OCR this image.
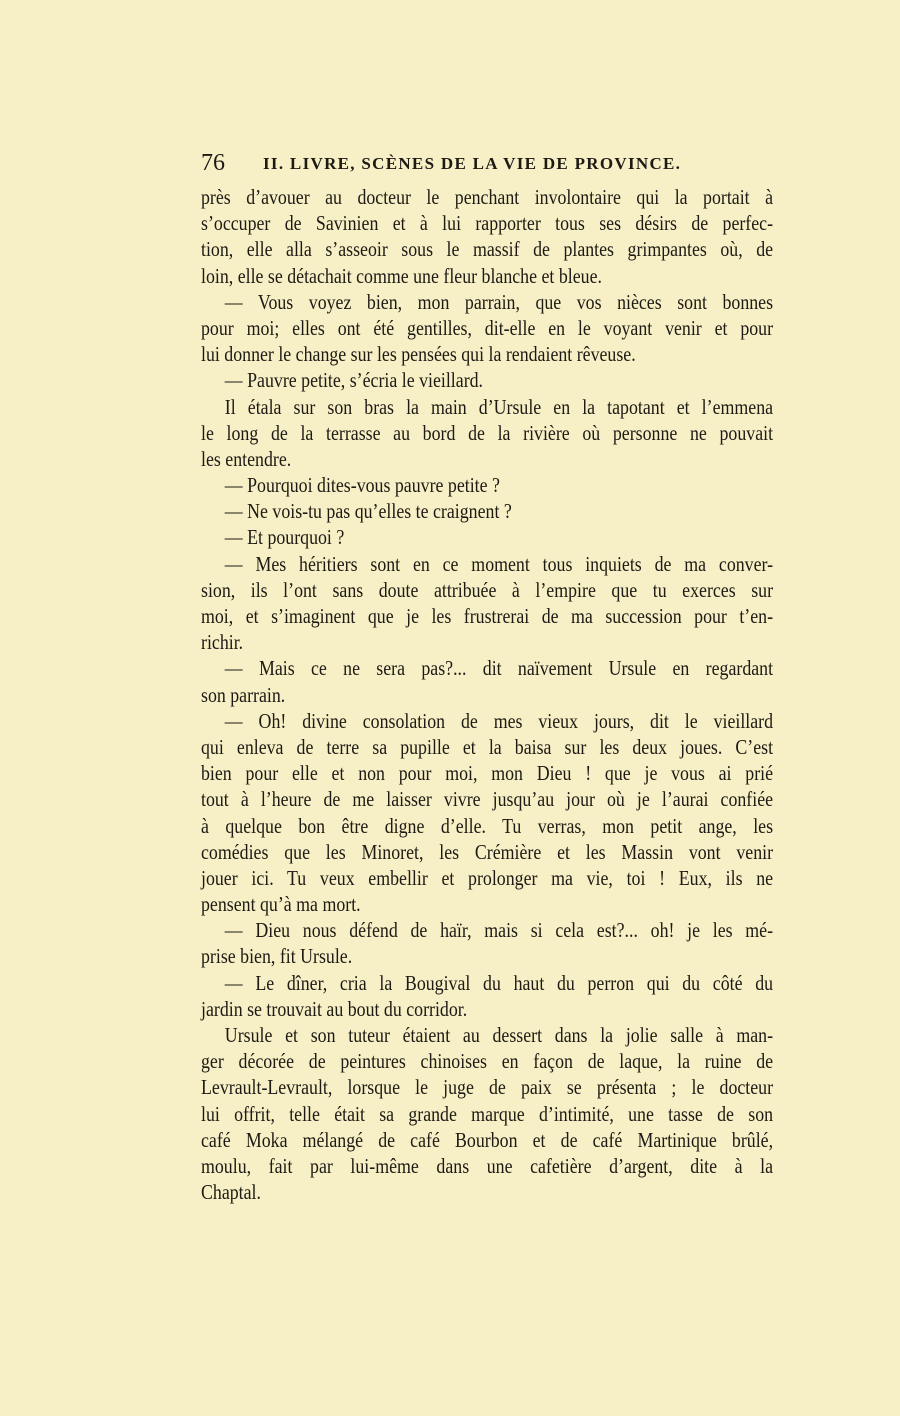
76 II. LIVRE, SCÈNES DE LA VIE DE PROVINCE.
près d’avouer au docteur le penchant involontaire qui la portait à
s’occuper de Savinien et à lui rapporter tous ses désirs de perfec-
tion, elle alla s’asseoir sous le massif de plantes grimpantes où, de
loin, elle se détachait comme une fleur blanche et bleue.
— Vous voyez bien, mon parrain, que vos nièces sont bonnes
pour moi; elles ont été gentilles, dit-elle en le voyant venir et pour
lui donner le change sur les pensées qui la rendaient rêveuse.
— Pauvre petite, s’écria le vieillard.
Il étala sur son bras la main d’Ursule en la tapotant et l’emmena
le long de la terrasse au bord de la rivière où personne ne pouvait
les entendre.
— Pourquoi dites-vous pauvre petite ?
— Ne vois-tu pas qu’elles te craignent ?
— Et pourquoi ?
— Mes héritiers sont en ce moment tous inquiets de ma conver-
sion, ils l’ont sans doute attribuée à l’empire que tu exerces sur
moi, et s’imaginent que je les frustrerai de ma succession pour t’en-
richir.
— Mais ce ne sera pas?... dit naïvement Ursule en regardant
son parrain.
— Oh! divine consolation de mes vieux jours, dit le vieillard
qui enleva de terre sa pupille et la baisa sur les deux joues. C’est
bien pour elle et non pour moi, mon Dieu ! que je vous ai prié
tout à l’heure de me laisser vivre jusqu’au jour où je l’aurai confiée
à quelque bon être digne d’elle. Tu verras, mon petit ange, les
comédies que les Minoret, les Crémière et les Massin vont venir
jouer ici. Tu veux embellir et prolonger ma vie, toi ! Eux, ils ne
pensent qu’à ma mort.
— Dieu nous défend de haïr, mais si cela est?... oh! je les mé-
prise bien, fit Ursule.
— Le dîner, cria la Bougival du haut du perron qui du côté du
jardin se trouvait au bout du corridor.
Ursule et son tuteur étaient au dessert dans la jolie salle à man-
ger décorée de peintures chinoises en façon de laque, la ruine de
Levrault-Levrault, lorsque le juge de paix se présenta ; le docteur
lui offrit, telle était sa grande marque d’intimité, une tasse de son
café Moka mélangé de café Bourbon et de café Martinique brûlé,
moulu, fait par lui-même dans une cafetière d’argent, dite à la
Chaptal.
